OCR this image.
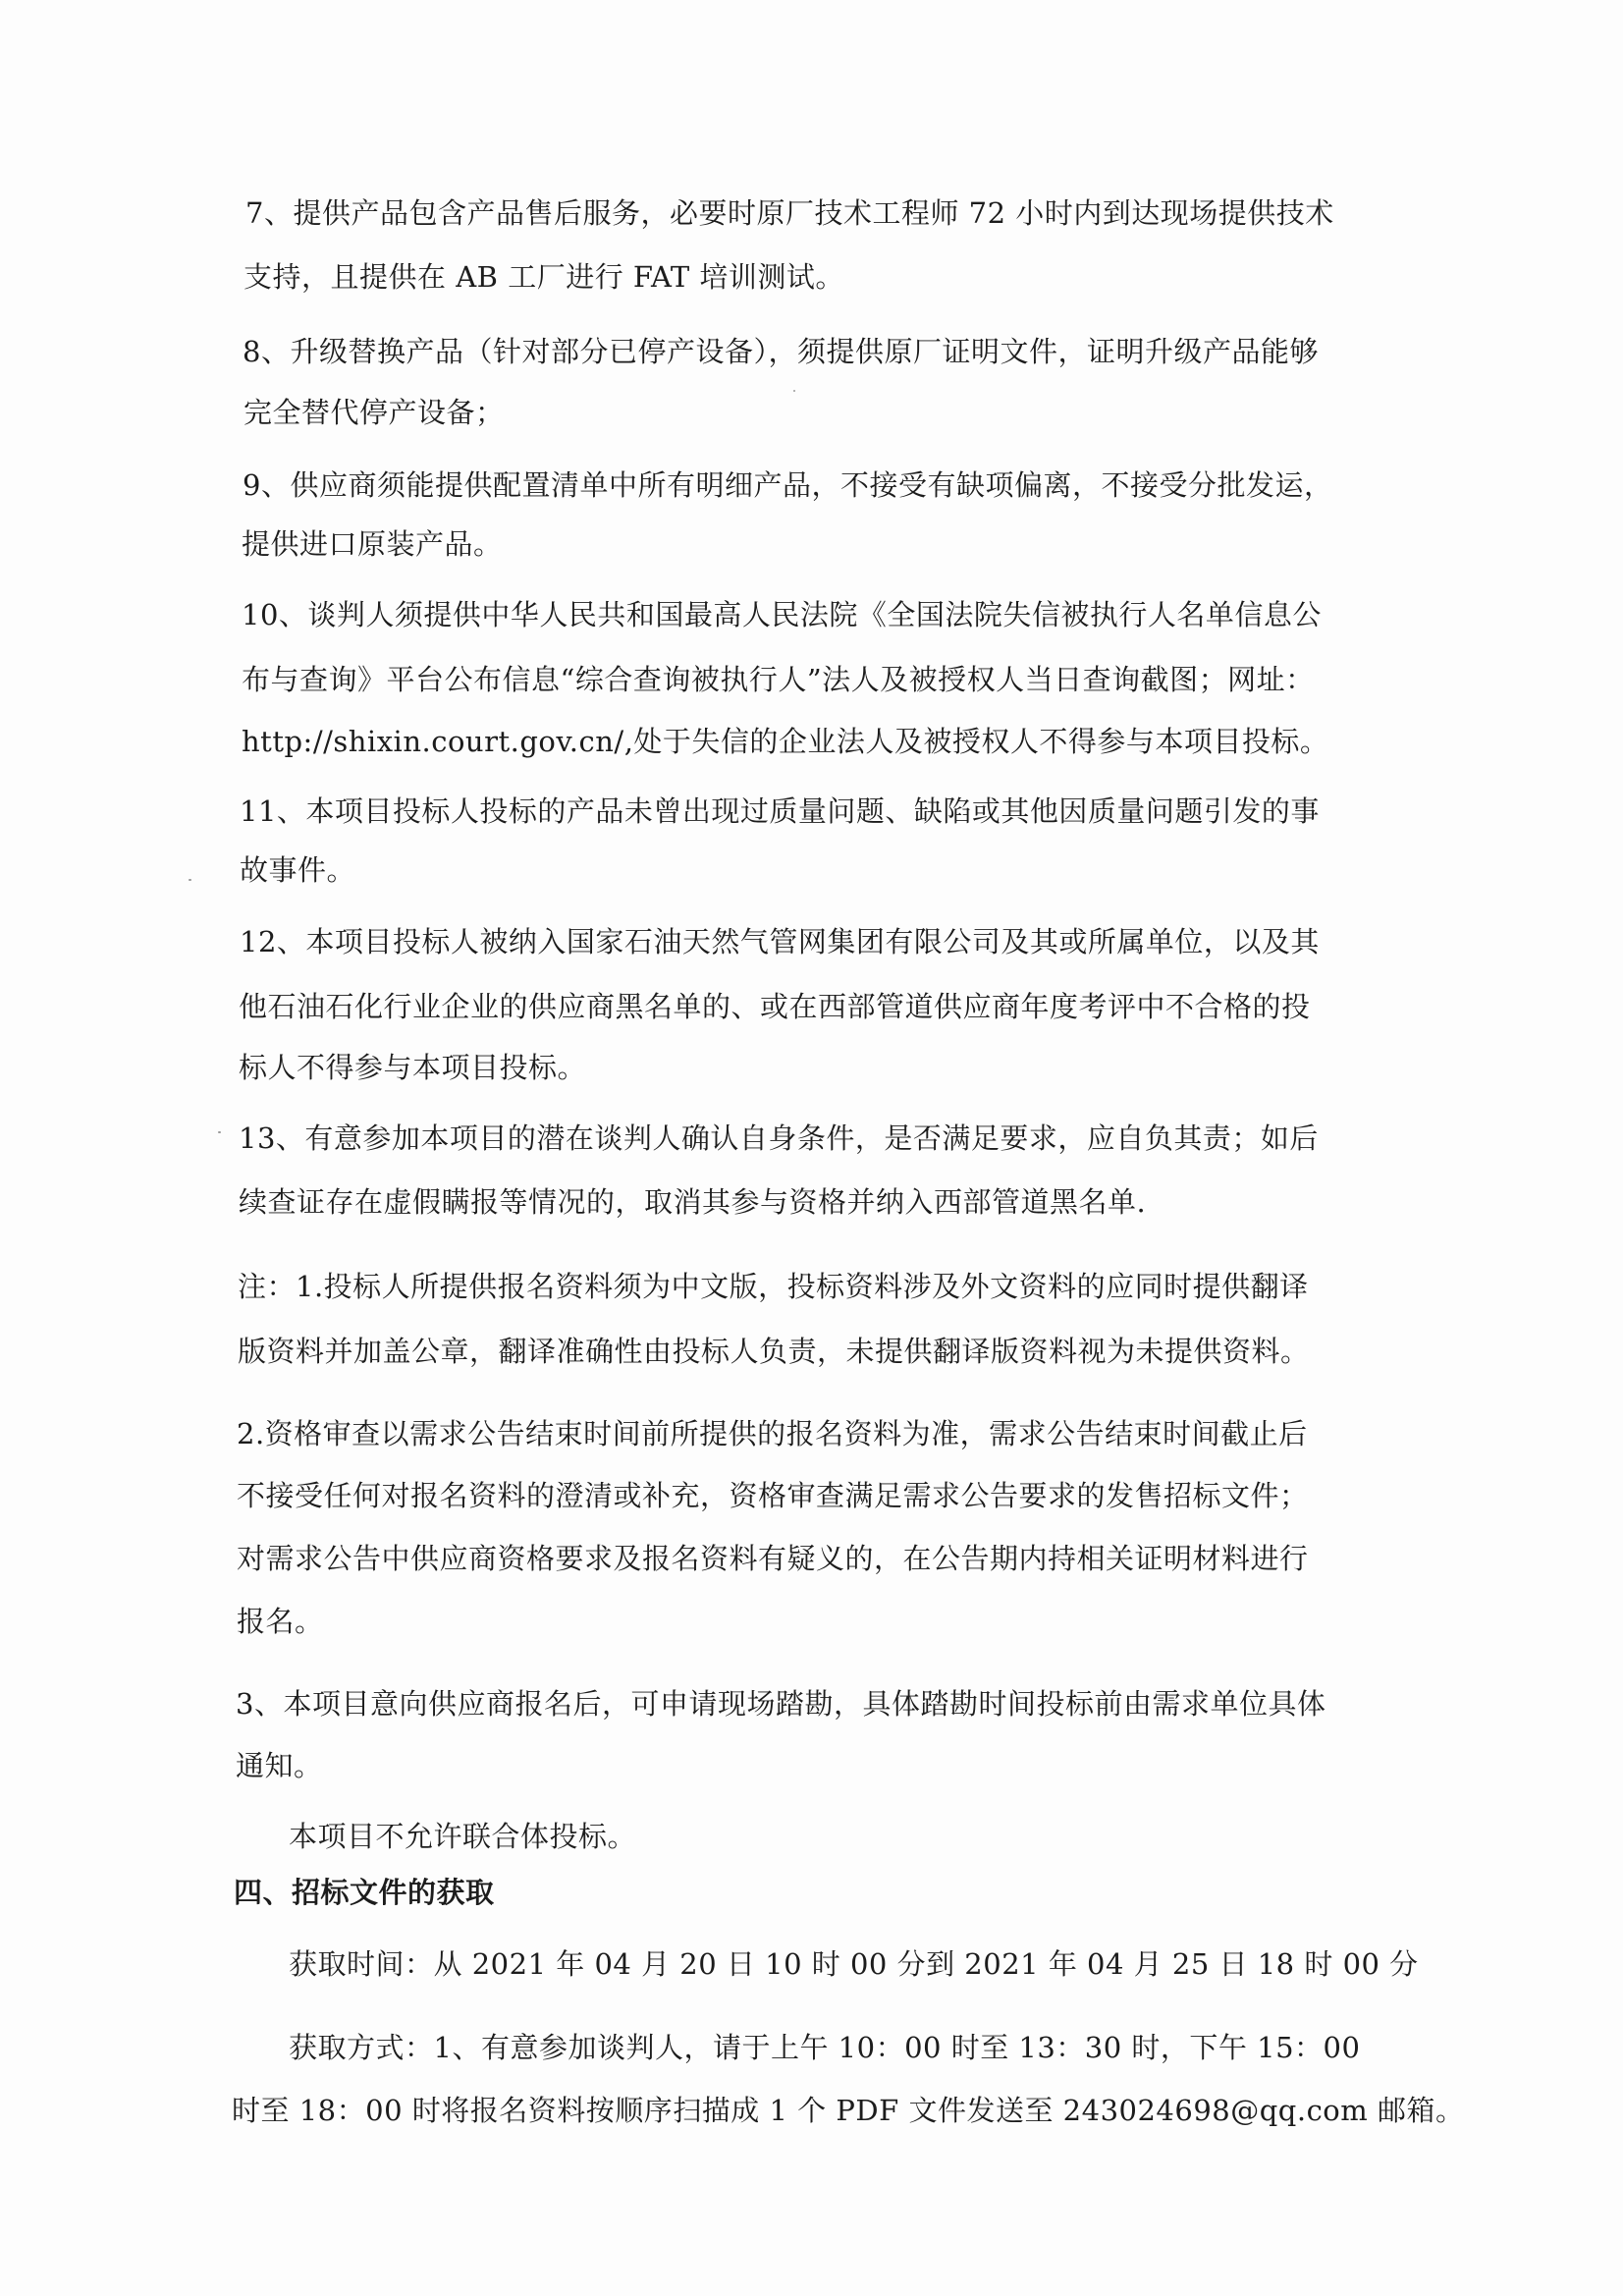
7、提供产品包含产品售后服务，必要时原厂技术工程师 72 小时内到达现场提供技术

支持，且提供在 AB 工厂进行 FAT 培训测试。

8、升级替换产品（针对部分已停产设备），须提供原厂证明文件，证明升级产品能够

完全替代停产设备；

9、供应商须能提供配置清单中所有明细产品，不接受有缺项偏离，不接受分批发运，

提供进口原装产品。

10、谈判人须提供中华人民共和国最高人民法院《全国法院失信被执行人名单信息公

布与查询》平台公布信息“综合查询被执行人”法人及被授权人当日查询截图；网址：

http://shixin.court.gov.cn/,处于失信的企业法人及被授权人不得参与本项目投标。

11、本项目投标人投标的产品未曾出现过质量问题、缺陷或其他因质量问题引发的事

故事件。

12、本项目投标人被纳入国家石油天然气管网集团有限公司及其或所属单位，以及其

他石油石化行业企业的供应商黑名单的、或在西部管道供应商年度考评中不合格的投

标人不得参与本项目投标。

13、有意参加本项目的潜在谈判人确认自身条件，是否满足要求，应自负其责；如后

续查证存在虚假瞒报等情况的，取消其参与资格并纳入西部管道黑名单.

注：1.投标人所提供报名资料须为中文版，投标资料涉及外文资料的应同时提供翻译

版资料并加盖公章，翻译准确性由投标人负责，未提供翻译版资料视为未提供资料。

2.资格审查以需求公告结束时间前所提供的报名资料为准，需求公告结束时间截止后

不接受任何对报名资料的澄清或补充，资格审查满足需求公告要求的发售招标文件；

对需求公告中供应商资格要求及报名资料有疑义的，在公告期内持相关证明材料进行

报名。

3、本项目意向供应商报名后，可申请现场踏勘，具体踏勘时间投标前由需求单位具体

通知。

本项目不允许联合体投标。

四、招标文件的获取

获取时间：从 2021 年 04 月 20 日 10 时 00 分到 2021 年 04 月 25 日 18 时 00 分

获取方式：1、有意参加谈判人，请于上午 10：00 时至 13：30 时，下午 15：00

时至 18：00 时将报名资料按顺序扫描成 1 个 PDF 文件发送至 243024698@qq.com 邮箱。
